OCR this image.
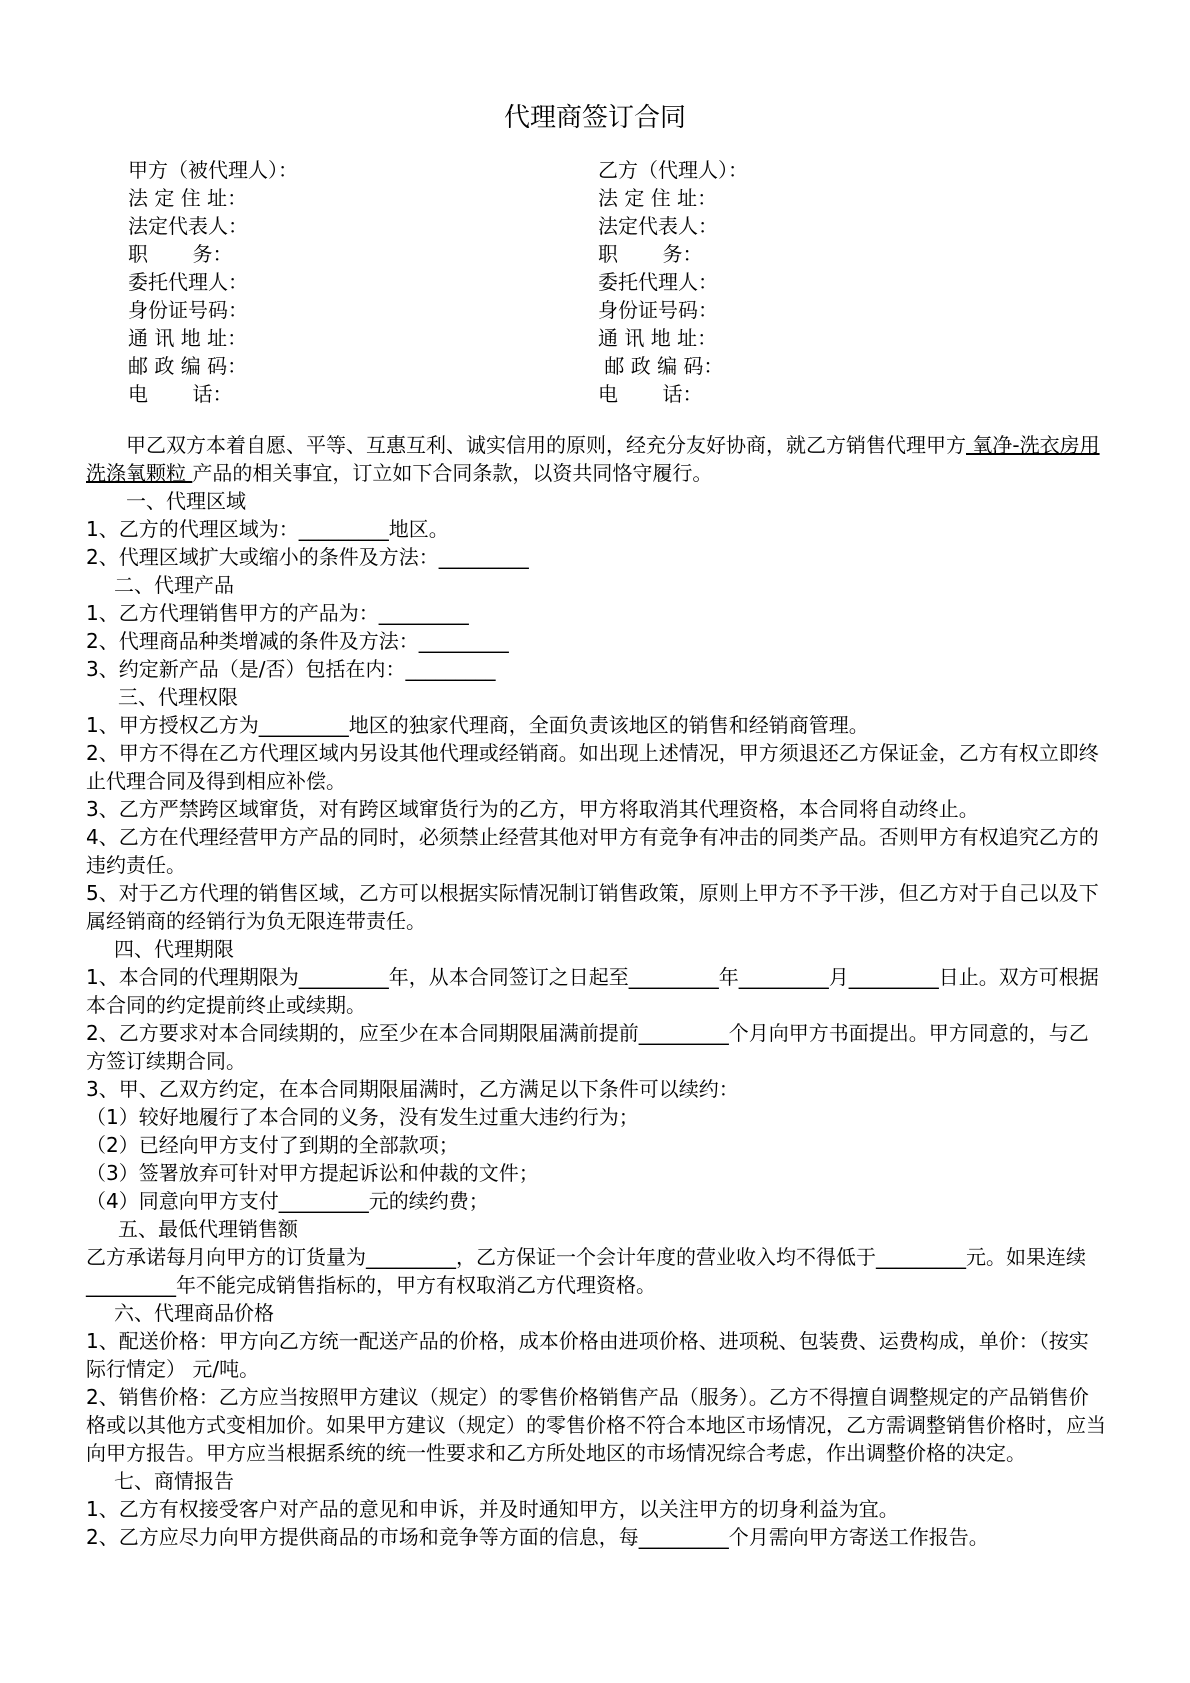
代理商签订合同
甲方（被代理人）：
法 定 住 址：
法定代表人：
职       务：
委托代理人：
身份证号码：
通 讯 地 址：
邮 政 编 码：
电       话：
乙方（代理人）：
法 定 住 址：
法定代表人：
职       务：
委托代理人：
身份证号码：
通 讯 地 址：
邮 政 编 码：
电       话：

甲乙双方本着自愿、平等、互惠互利、诚实信用的原则，经充分友好协商，就乙方销售代理甲方 氧净-洗衣房用洗涤氧颗粒 产品的相关事宜，订立如下合同条款，以资共同恪守履行。

一、代理区域

1、乙方的代理区域为：_________地区。

2、代理区域扩大或缩小的条件及方法：_________

二、代理产品

1、乙方代理销售甲方的产品为：_________

2、代理商品种类增减的条件及方法：_________

3、约定新产品（是/否）包括在内：_________

三、代理权限

1、甲方授权乙方为_________地区的独家代理商，全面负责该地区的销售和经销商管理。

2、甲方不得在乙方代理区域内另设其他代理或经销商。如出现上述情况，甲方须退还乙方保证金，乙方有权立即终止代理合同及得到相应补偿。

3、乙方严禁跨区域窜货，对有跨区域窜货行为的乙方，甲方将取消其代理资格，本合同将自动终止。

4、乙方在代理经营甲方产品的同时，必须禁止经营其他对甲方有竞争有冲击的同类产品。否则甲方有权追究乙方的违约责任。

5、对于乙方代理的销售区域，乙方可以根据实际情况制订销售政策，原则上甲方不予干涉，但乙方对于自己以及下属经销商的经销行为负无限连带责任。

四、代理期限

1、本合同的代理期限为_________年，从本合同签订之日起至_________年_________月_________日止。双方可根据本合同的约定提前终止或续期。

2、乙方要求对本合同续期的，应至少在本合同期限届满前提前_________个月向甲方书面提出。甲方同意的，与乙方签订续期合同。

3、甲、乙双方约定，在本合同期限届满时，乙方满足以下条件可以续约：

（1）较好地履行了本合同的义务，没有发生过重大违约行为；

（2）已经向甲方支付了到期的全部款项；

（3）签署放弃可针对甲方提起诉讼和仲裁的文件；

（4）同意向甲方支付_________元的续约费；

五、最低代理销售额

乙方承诺每月向甲方的订货量为_________，乙方保证一个会计年度的营业收入均不得低于_________元。如果连续_________年不能完成销售指标的，甲方有权取消乙方代理资格。

六、代理商品价格

1、配送价格：甲方向乙方统一配送产品的价格，成本价格由进项价格、进项税、包装费、运费构成，单价：（按实际行情定） 元/吨。

2、销售价格：乙方应当按照甲方建议（规定）的零售价格销售产品（服务）。乙方不得擅自调整规定的产品销售价格或以其他方式变相加价。如果甲方建议（规定）的零售价格不符合本地区市场情况，乙方需调整销售价格时，应当向甲方报告。甲方应当根据系统的统一性要求和乙方所处地区的市场情况综合考虑，作出调整价格的决定。

七、商情报告

1、乙方有权接受客户对产品的意见和申诉，并及时通知甲方，以关注甲方的切身利益为宜。

2、乙方应尽力向甲方提供商品的市场和竞争等方面的信息，每_________个月需向甲方寄送工作报告。
